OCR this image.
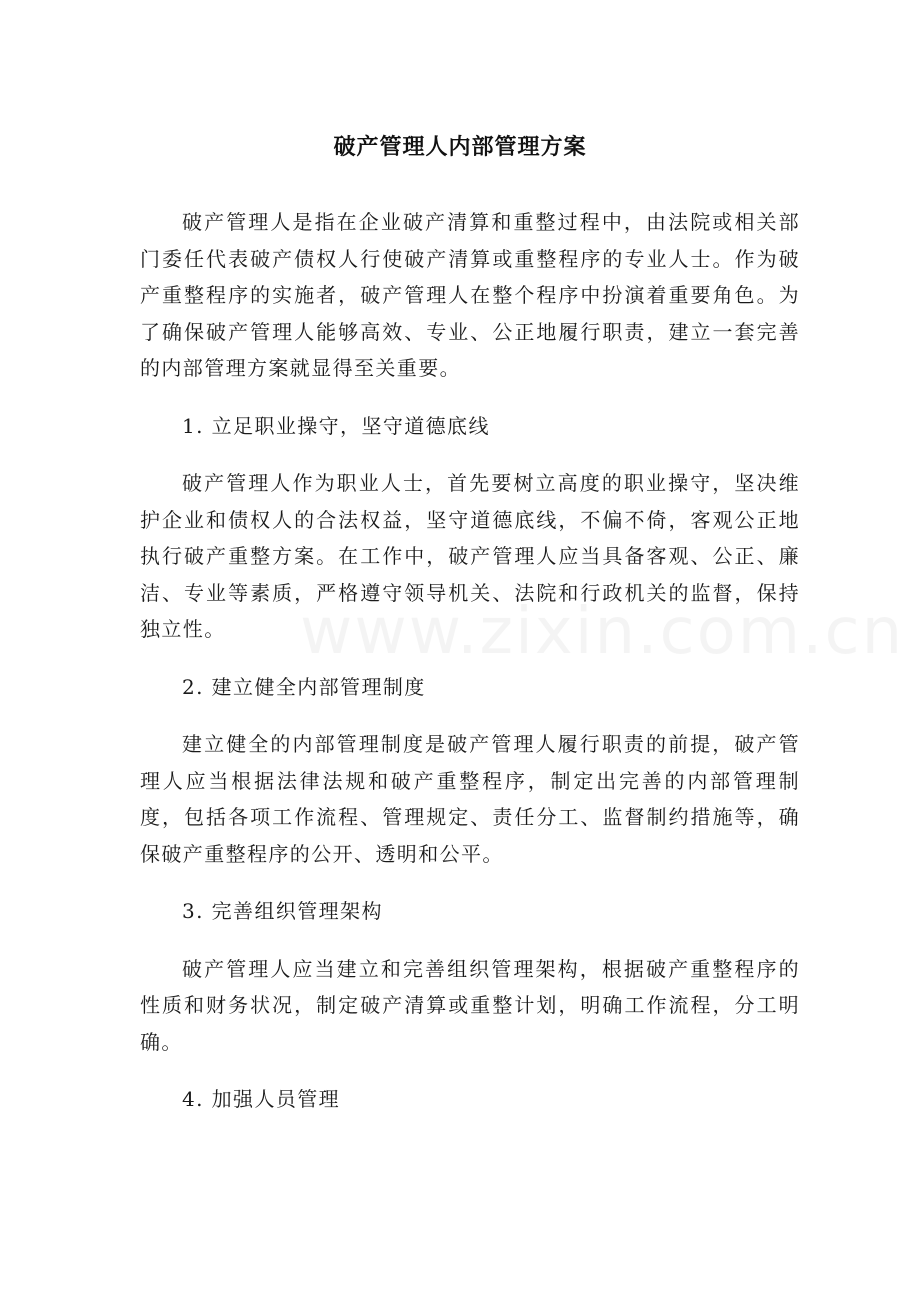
破产管理人内部管理方案

破产管理人是指在企业破产清算和重整过程中，由法院或相关部门委任代表破产债权人行使破产清算或重整程序的专业人士。作为破产重整程序的实施者，破产管理人在整个程序中扮演着重要角色。为了确保破产管理人能够高效、专业、公正地履行职责，建立一套完善的内部管理方案就显得至关重要。

1. 立足职业操守，坚守道德底线

破产管理人作为职业人士，首先要树立高度的职业操守，坚决维护企业和债权人的合法权益，坚守道德底线，不偏不倚，客观公正地执行破产重整方案。在工作中，破产管理人应当具备客观、公正、廉洁、专业等素质，严格遵守领导机关、法院和行政机关的监督，保持独立性。

2. 建立健全内部管理制度

建立健全的内部管理制度是破产管理人履行职责的前提，破产管理人应当根据法律法规和破产重整程序，制定出完善的内部管理制度，包括各项工作流程、管理规定、责任分工、监督制约措施等，确保破产重整程序的公开、透明和公平。

3. 完善组织管理架构

破产管理人应当建立和完善组织管理架构，根据破产重整程序的性质和财务状况，制定破产清算或重整计划，明确工作流程，分工明确。

4. 加强人员管理
